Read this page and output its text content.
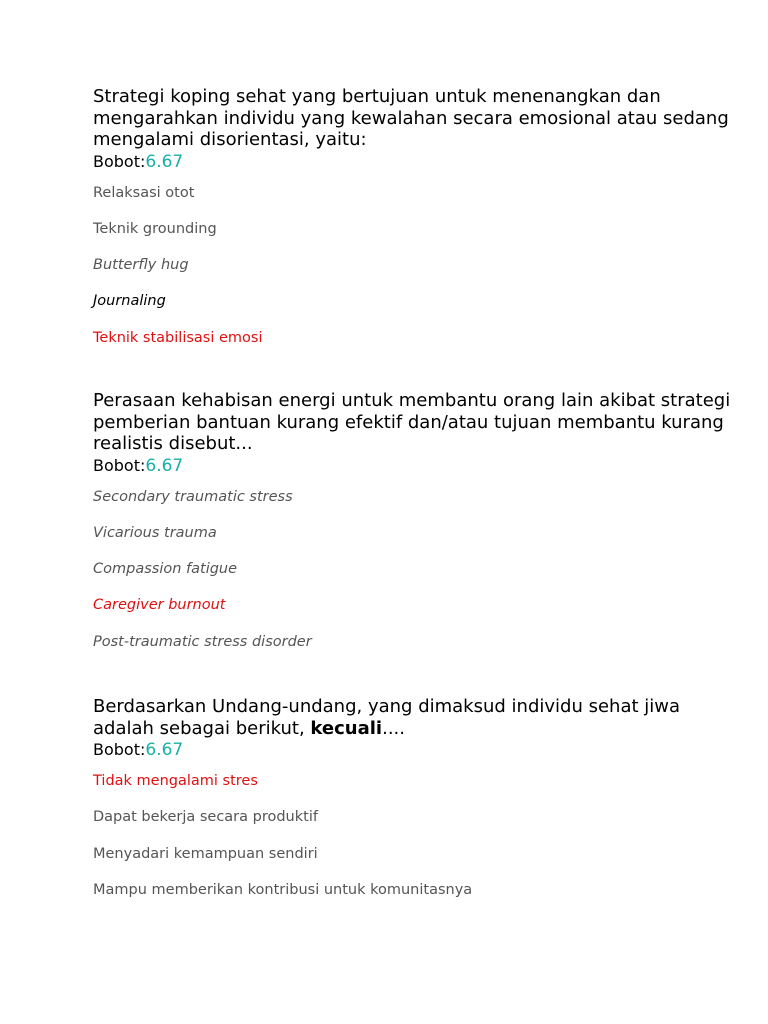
Strategi koping sehat yang bertujuan untuk menenangkan dan mengarahkan individu yang kewalahan secara emosional atau sedang mengalami disorientasi, yaitu:

Bobot:6.67

Relaksasi otot
Teknik grounding
Butterfly hug
Journaling
Teknik stabilisasi emosi

Perasaan kehabisan energi untuk membantu orang lain akibat strategi pemberian bantuan kurang efektif dan/atau tujuan membantu kurang realistis disebut...

Bobot:6.67

Secondary traumatic stress
Vicarious trauma
Compassion fatigue
Caregiver burnout
Post-traumatic stress disorder

Berdasarkan Undang-undang, yang dimaksud individu sehat jiwa adalah sebagai berikut, kecuali....

Bobot:6.67

Tidak mengalami stres
Dapat bekerja secara produktif
Menyadari kemampuan sendiri
Mampu memberikan kontribusi untuk komunitasnya
